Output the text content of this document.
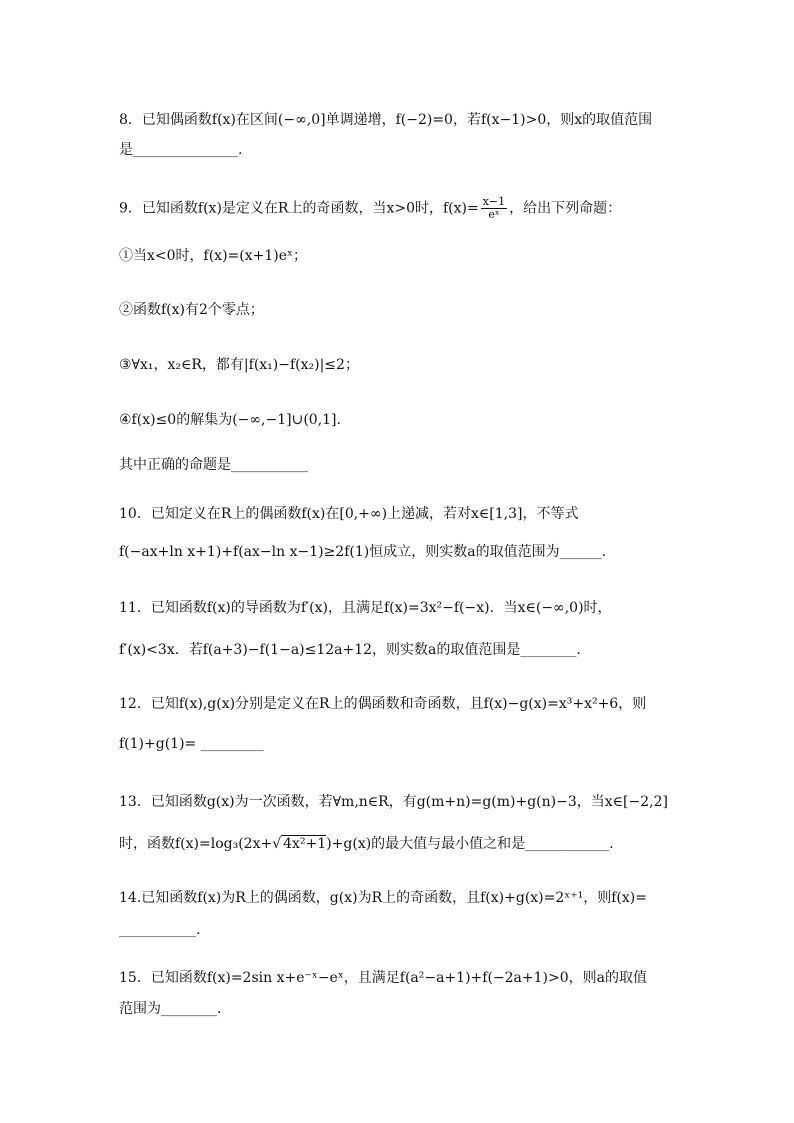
8．已知偶函数f(x)在区间(−∞,0]单调递增，f(−2)=0，若f(x−1)>0，则x的取值范围
是_______________.
9．已知函数f(x)是定义在R上的奇函数，当x>0时，$f(x)= \frac{x-1}{\text{eˣ}}$ ，给出下列命题：
①当x<0时，f(x)=(x+1)eˣ；
②函数f(x)有2个零点；
③∀x₁，x₂∈R，都有|f(x₁)−f(x₂)|≤2；
④f(x)≤0的解集为(−∞,−1]∪(0,1].
其中正确的命题是___________
10．已知定义在R上的偶函数f(x)在[0,+∞)上递减，若对x∈[1,3]，不等式
f(−ax+ln x+1)+f(ax−ln x−1)≥2f(1)恒成立，则实数a的取值范围为______.
11．已知函数f(x)的导函数为f′(x)，且满足f(x)=3x²−f(−x)．当x∈(−∞,0)时，
f′(x)<3x．若f(a+3)−f(1−a)≤12a+12，则实数a的取值范围是________.
12．已知f(x),g(x)分别是定义在R上的偶函数和奇函数，且f(x)−g(x)=x³+x²+6，则
f(1)+g(1)= _________
13．已知函数g(x)为一次函数，若∀m,n∈R，有g(m+n)=g(m)+g(n)−3，当x∈[−2,2]
时，函数f(x)=log₃(2x+√ 4x²+1)+g(x)的最大值与最小值之和是____________.
14.已知函数f(x)为R上的偶函数，g(x)为R上的奇函数，且f(x)+g(x)=2ˣ⁺¹，则f(x)=
___________.
15．已知函数f(x)=2sin x+e⁻ˣ−eˣ，且满足f(a²−a+1)+f(−2a+1)>0，则a的取值
范围为________.
